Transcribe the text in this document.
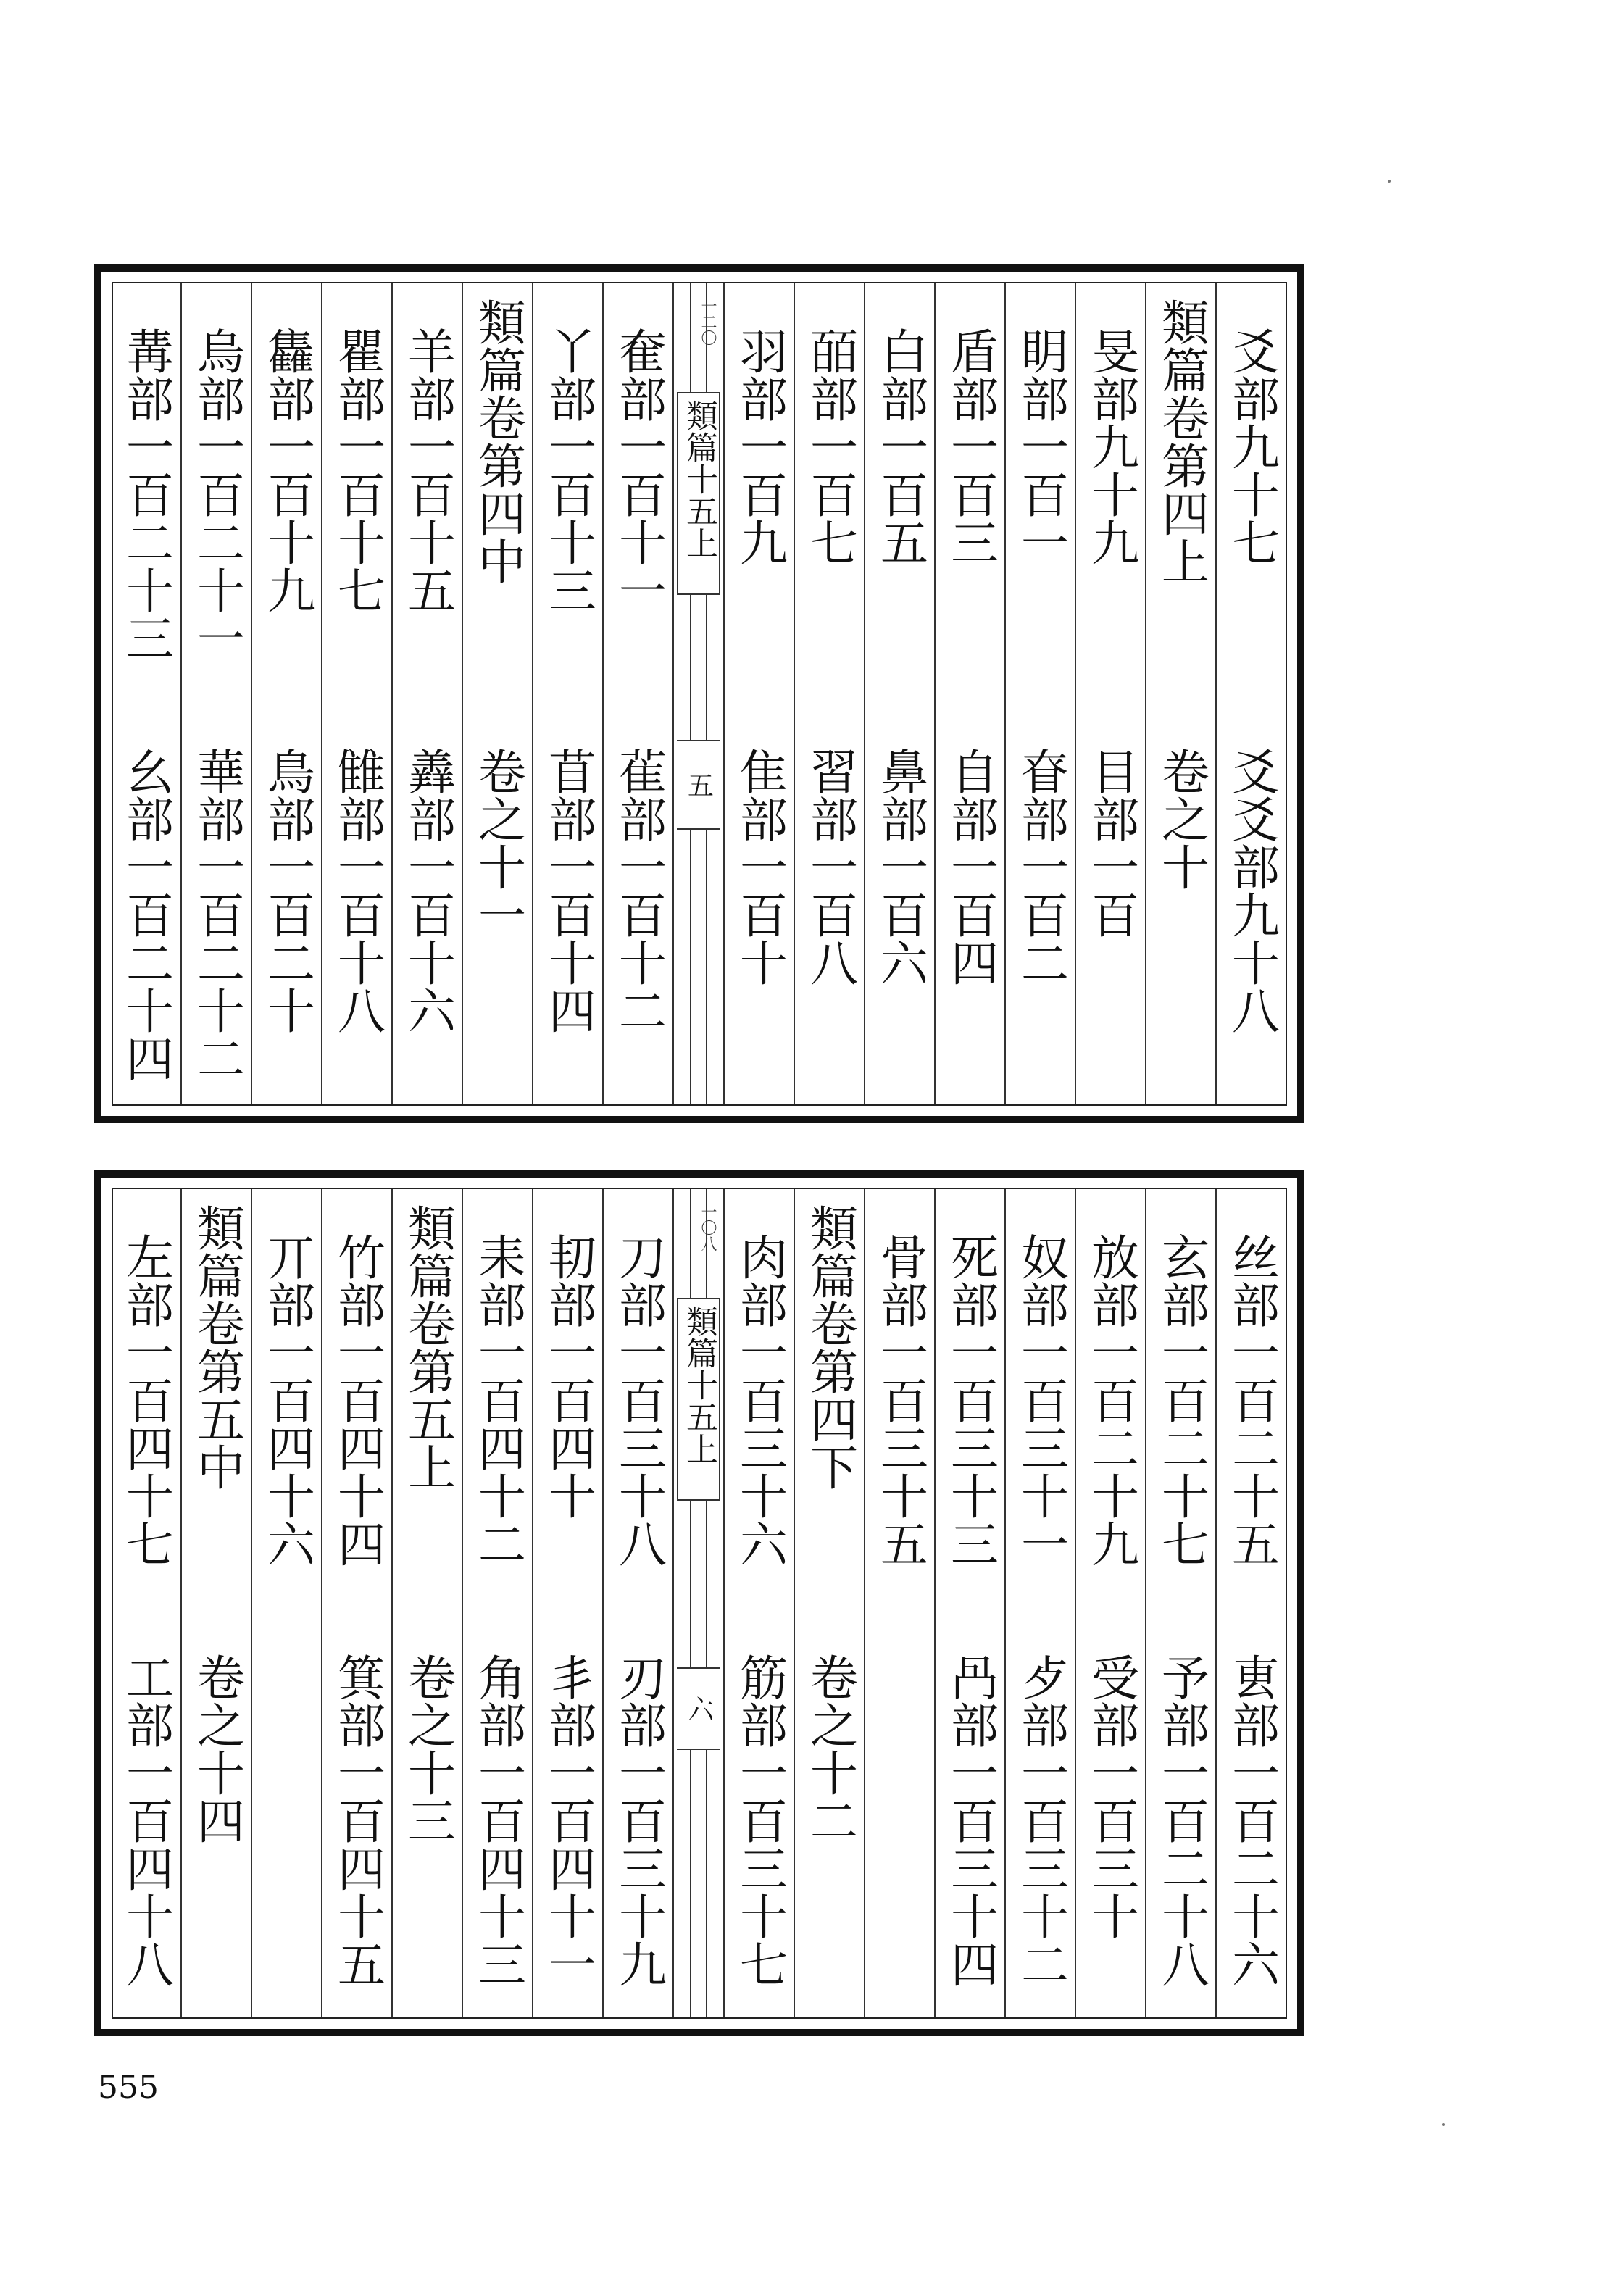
爻部九十七
爻爻部九十八
類篇卷第四上
卷之十
旻部九十九
目部一百
眀部一百一
眘部一百二
盾部一百三
自部一百四
白部一百五
鼻部一百六
皕部一百七
習部一百八
羽部一百九
隹部一百十
一二〇
類篇十五上
五
奞部一百十一
雈部一百十二
丫部一百十三
苜部一百十四
類篇卷第四中
卷之十一
羊部一百十五
羴部一百十六
瞿部一百十七
雔部一百十八
雥部一百十九
鳥部一百二十
烏部一百二十一
華部一百二十二
冓部一百二十三
幺部一百二十四
丝部一百二十五
叀部一百二十六
玄部一百二十七
予部一百二十八
放部一百二十九
受部一百三十
奴部一百三十一
歺部一百三十二
死部一百三十三
冎部一百三十四
骨部一百三十五
類篇卷第四下
卷之十二
肉部一百三十六
筋部一百三十七
一〇八
類篇十五上
六
刀部一百三十八
刃部一百三十九
㓞部一百四十
丯部一百四十一
耒部一百四十二
角部一百四十三
類篇卷第五上
卷之十三
竹部一百四十四
箕部一百四十五
丌部一百四十六
類篇卷第五中
卷之十四
左部一百四十七
工部一百四十八
555
